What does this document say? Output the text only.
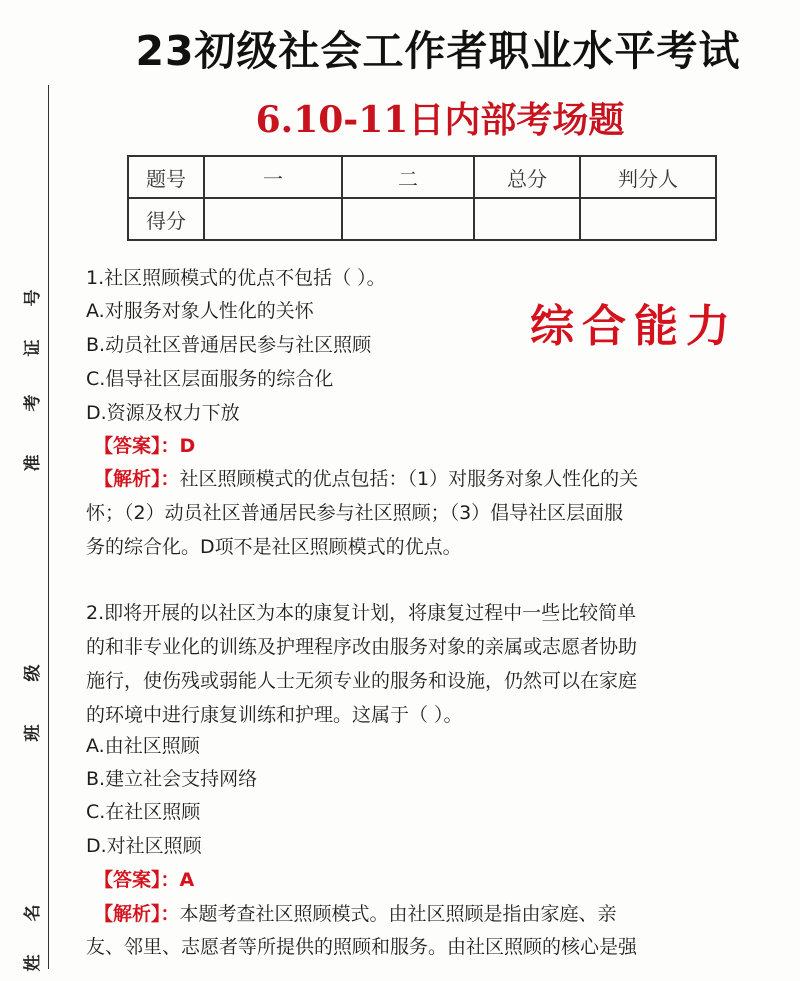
号
证
考
准
级
班
名
姓
23初级社会工作者职业水平考试
6.10-11日内部考场题
题号	一	二	总分	判分人
得分				
综合能力
1.社区照顾模式的优点不包括（ ）。
A.对服务对象人性化的关怀
B.动员社区普通居民参与社区照顾
C.倡导社区层面服务的综合化
D.资源及权力下放
【答案】：D
【解析】：社区照顾模式的优点包括：（1）对服务对象人性化的关
怀；（2）动员社区普通居民参与社区照顾；（3）倡导社区层面服
务的综合化。D项不是社区照顾模式的优点。
2.即将开展的以社区为本的康复计划，将康复过程中一些比较简单
的和非专业化的训练及护理程序改由服务对象的亲属或志愿者协助
施行，使伤残或弱能人士无须专业的服务和设施，仍然可以在家庭
的环境中进行康复训练和护理。这属于（ ）。
A.由社区照顾
B.建立社会支持网络
C.在社区照顾
D.对社区照顾
【答案】：A
【解析】：本题考查社区照顾模式。由社区照顾是指由家庭、亲
友、邻里、志愿者等所提供的照顾和服务。由社区照顾的核心是强
